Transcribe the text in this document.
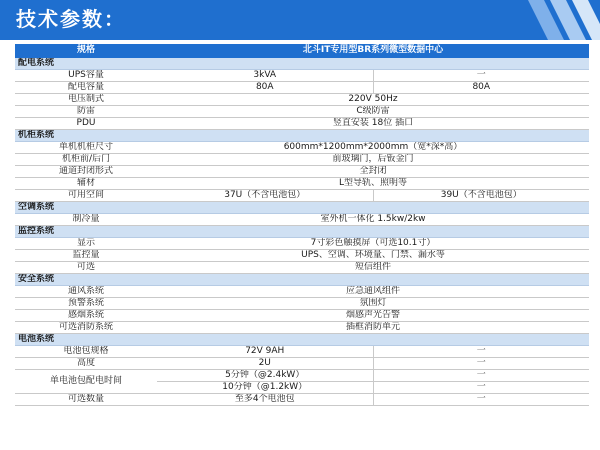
技术参数：
规格	北斗IT专用型BR系列微型数据中心	
配电系统		
UPS容量	3kVA	一
配电容量	80A	80A
电压制式	220V 50Hz	
防雷	C级防雷	
PDU	竖直安装 18位 插口	
机柜系统		
单机机柜尺寸	600mm*1200mm*2000mm（宽*深*高）	
机柜前/后门	前玻璃门，后钣金门	
通道封闭形式	全封闭	
辅材	L型导轨、照明等	
可用空间	37U（不含电池包）	39U（不含电池包）
空调系统		
制冷量	室外机一体化 1.5kw/2kw	
监控系统		
显示	7寸彩色触摸屏（可选10.1寸）	
监控量	UPS、空调、环境量、门禁、漏水等	
可选	短信组件	
安全系统		
通风系统	应急通风组件	
预警系统	氛围灯	
感烟系统	烟感声光告警	
可选消防系统	插框消防单元	
电池系统		
电池包规格	72V 9AH	一
高度	2U	一
单电池包配电时间	5分钟（@2.4kW）	一
	10分钟（@1.2kW）	一
可选数量	至多4个电池包	一
